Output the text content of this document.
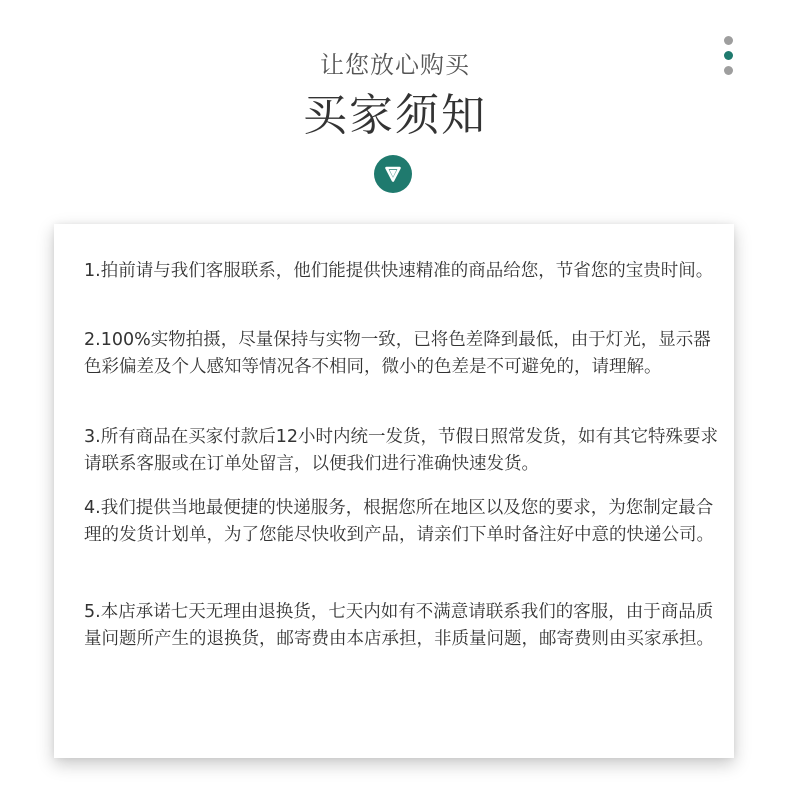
让您放心购买
买家须知
1.拍前请与我们客服联系，他们能提供快速精准的商品给您，节省您的宝贵时间。
2.100%实物拍摄，尽量保持与实物一致，已将色差降到最低，由于灯光，显示器色彩偏差及个人感知等情况各不相同，微小的色差是不可避免的，请理解。
3.所有商品在买家付款后12小时内统一发货，节假日照常发货，如有其它特殊要求请联系客服或在订单处留言，以便我们进行准确快速发货。
4.我们提供当地最便捷的快递服务，根据您所在地区以及您的要求，为您制定最合理的发货计划单，为了您能尽快收到产品，请亲们下单时备注好中意的快递公司。
5.本店承诺七天无理由退换货，七天内如有不满意请联系我们的客服，由于商品质量问题所产生的退换货，邮寄费由本店承担，非质量问题，邮寄费则由买家承担。
